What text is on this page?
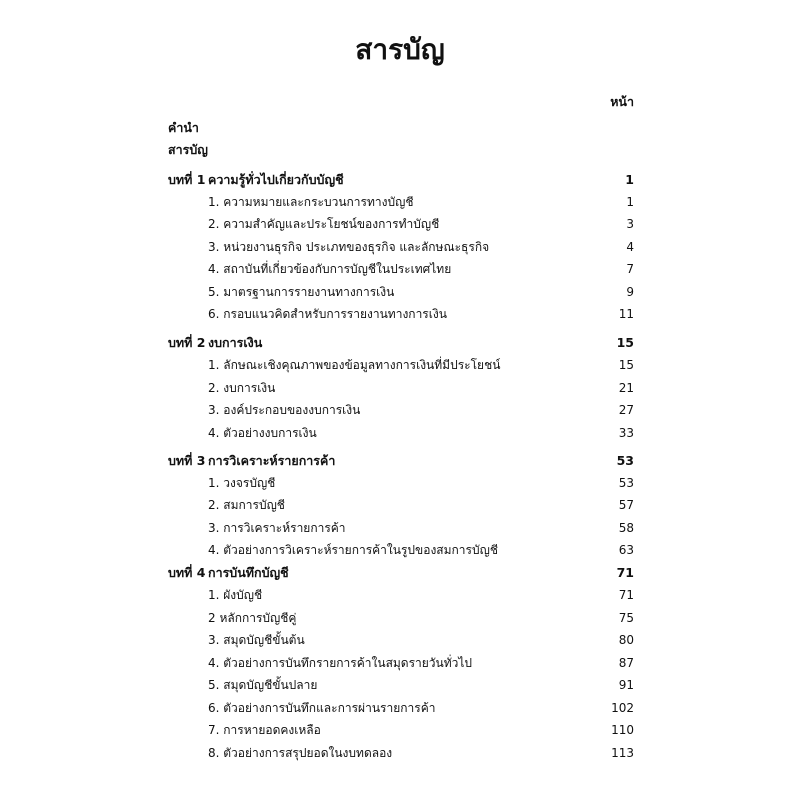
สารบัญ
หน้า
คำนำ
สารบัญ
บทที่ 1 ความรู้ทั่วไปเกี่ยวกับบัญชี	1
1. ความหมายและกระบวนการทางบัญชี	1
2. ความสำคัญและประโยชน์ของการทำบัญชี	3
3. หน่วยงานธุรกิจ ประเภทของธุรกิจ และลักษณะธุรกิจ	4
4. สถาบันที่เกี่ยวข้องกับการบัญชีในประเทศไทย	7
5. มาตรฐานการรายงานทางการเงิน	9
6. กรอบแนวคิดสำหรับการรายงานทางการเงิน	11
บทที่ 2 งบการเงิน	15
1. ลักษณะเชิงคุณภาพของข้อมูลทางการเงินที่มีประโยชน์	15
2. งบการเงิน	21
3. องค์ประกอบของงบการเงิน	27
4. ตัวอย่างงบการเงิน	33
บทที่ 3 การวิเคราะห์รายการค้า	53
1. วงจรบัญชี	53
2. สมการบัญชี	57
3. การวิเคราะห์รายการค้า	58
4. ตัวอย่างการวิเคราะห์รายการค้าในรูปของสมการบัญชี	63
บทที่ 4 การบันทึกบัญชี	71
1. ผังบัญชี	71
2 หลักการบัญชีคู่	75
3. สมุดบัญชีขั้นต้น	80
4. ตัวอย่างการบันทึกรายการค้าในสมุดรายวันทั่วไป	87
5. สมุดบัญชีขั้นปลาย	91
6. ตัวอย่างการบันทึกและการผ่านรายการค้า	102
7. การหายอดคงเหลือ	110
8. ตัวอย่างการสรุปยอดในงบทดลอง	113
